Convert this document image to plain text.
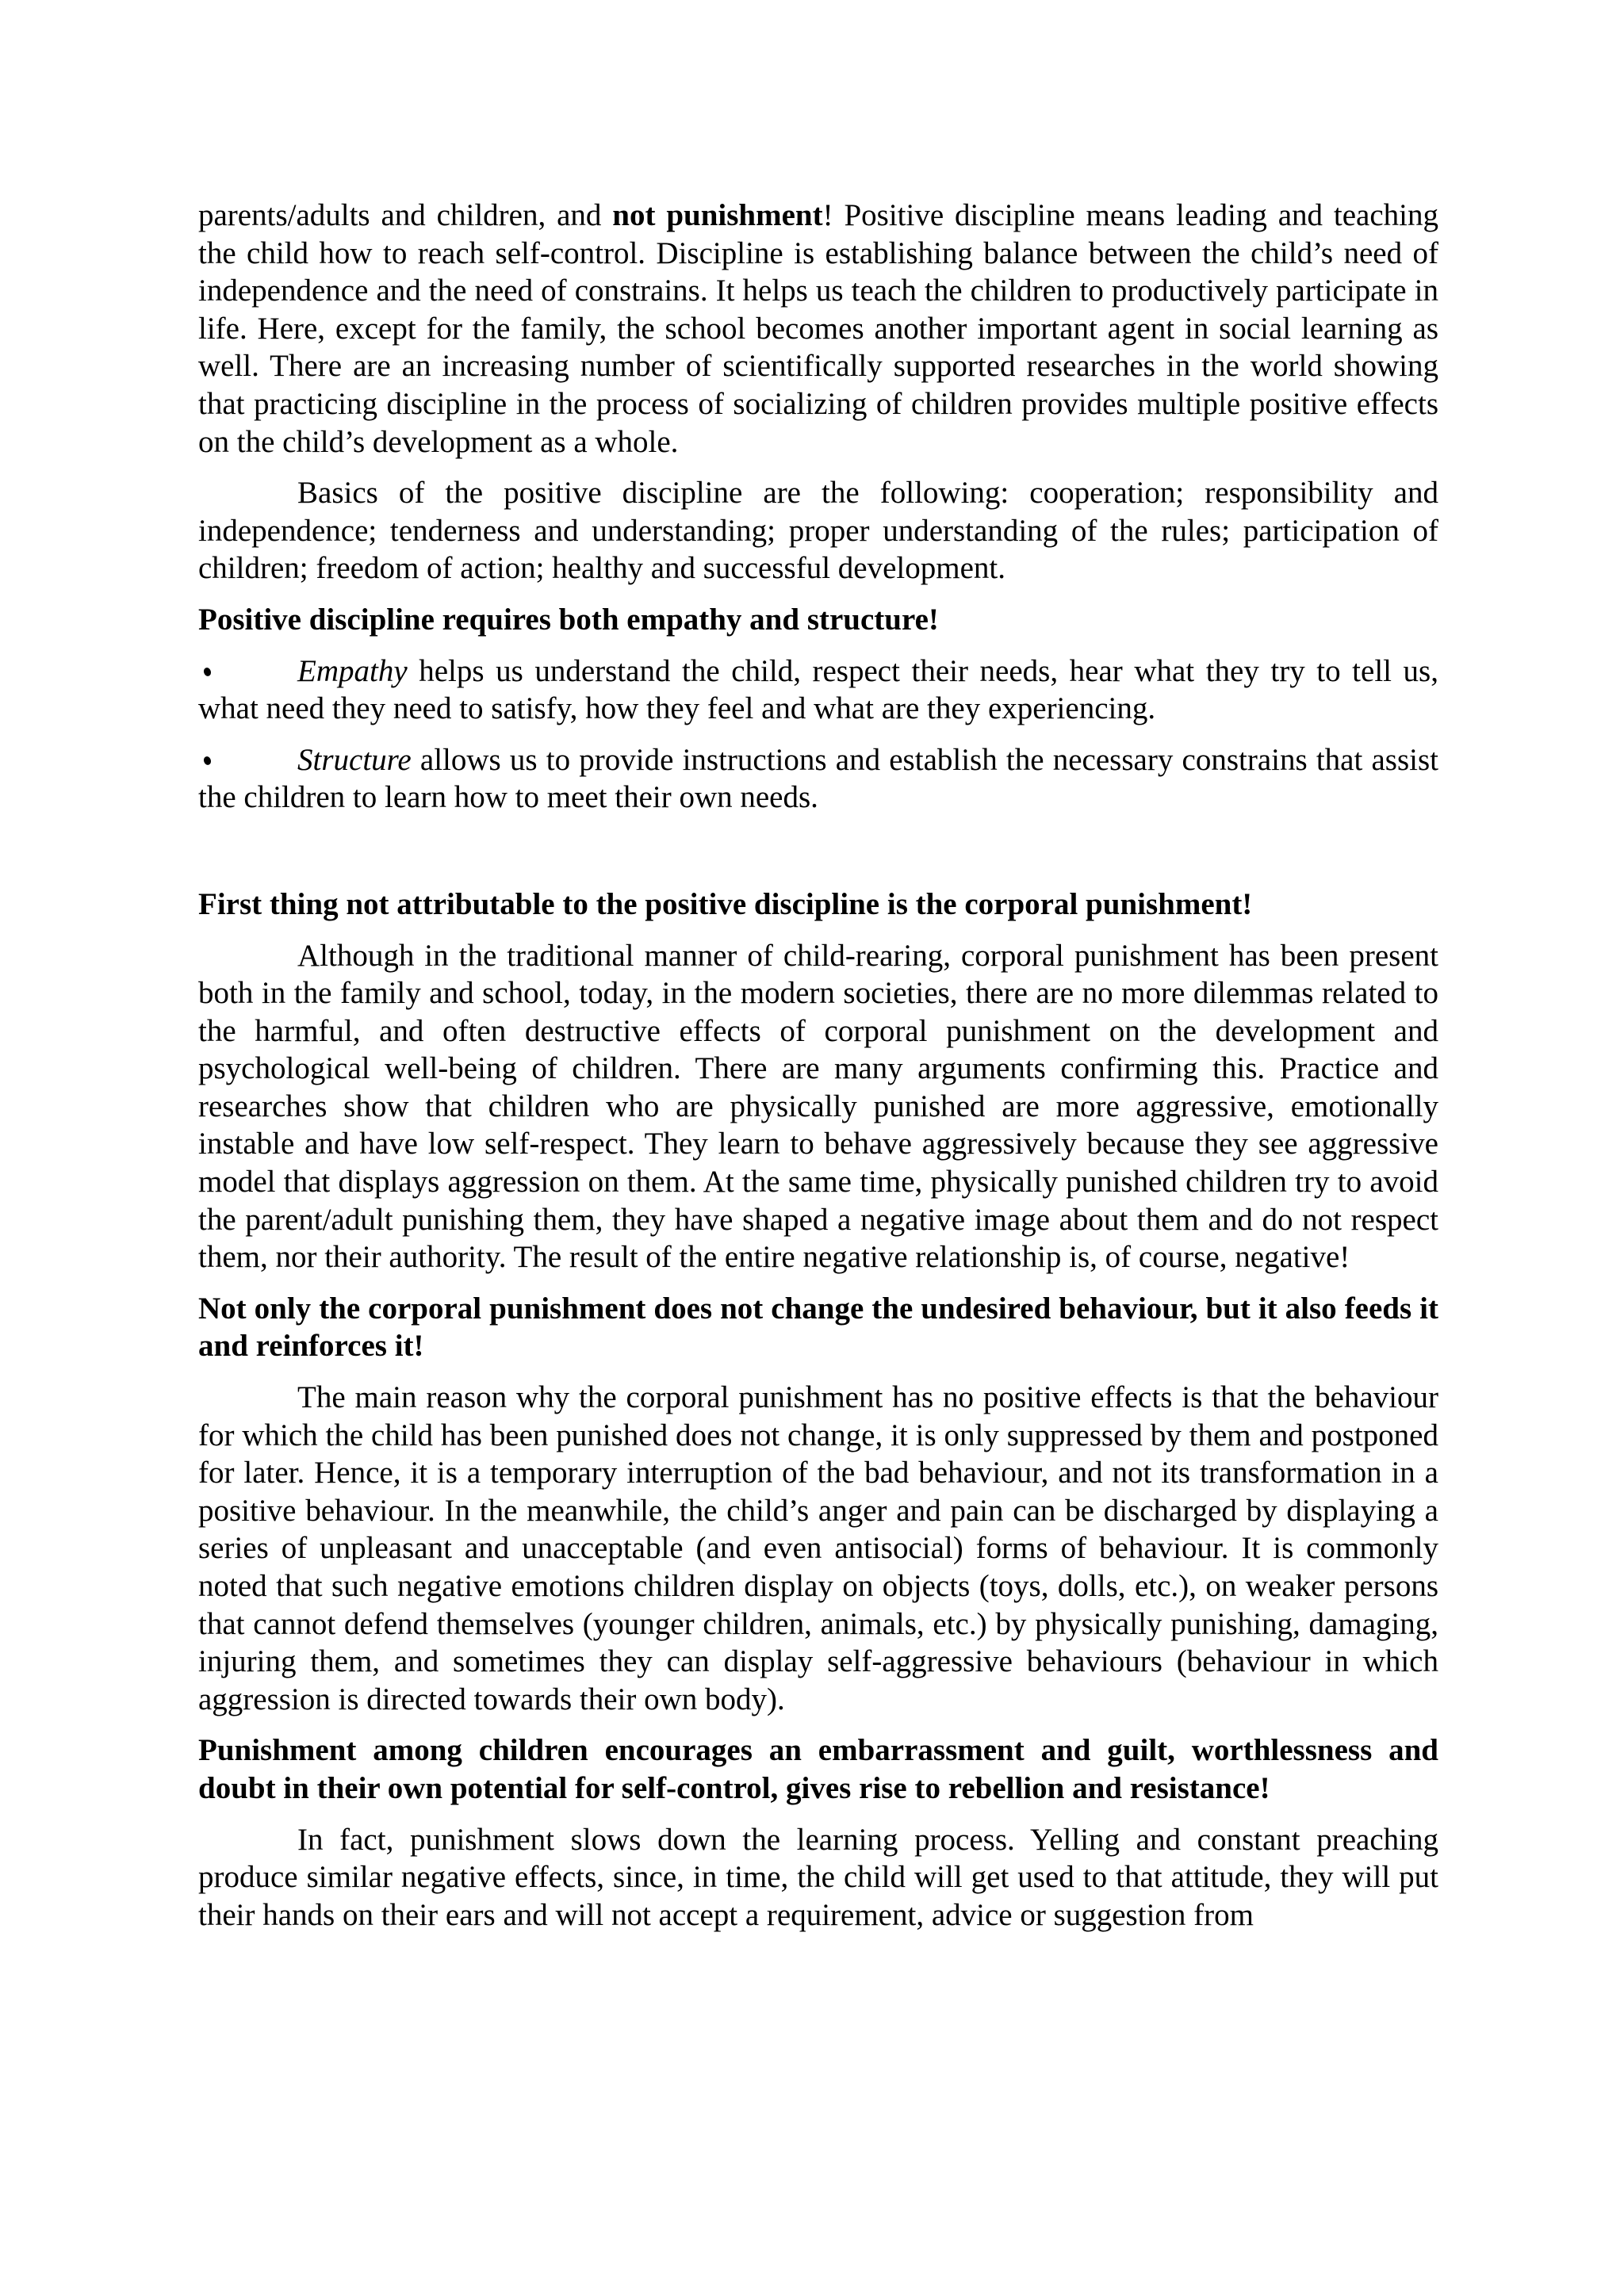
parents/adults and children, and not punishment! Positive discipline means leading and teaching the child how to reach self-control. Discipline is establishing balance between the child’s need of independence and the need of constrains. It helps us teach the children to productively participate in life. Here, except for the family, the school becomes another important agent in social learning as well. There are an increasing number of scientifically supported researches in the world showing that practicing discipline in the process of socializing of children provides multiple positive effects on the child’s development as a whole.

Basics of the positive discipline are the following: cooperation; responsibility and independence; tenderness and understanding; proper understanding of the rules; participation of children; freedom of action; healthy and successful development.

Positive discipline requires both empathy and structure!

Empathy helps us understand the child, respect their needs, hear what they try to tell us, what need they need to satisfy, how they feel and what are they experiencing.

Structure allows us to provide instructions and establish the necessary constrains that assist the children to learn how to meet their own needs.

First thing not attributable to the positive discipline is the corporal punishment!

Although in the traditional manner of child-rearing, corporal punishment has been present both in the family and school, today, in the modern societies, there are no more dilemmas related to the harmful, and often destructive effects of corporal punishment on the development and psychological well-being of children. There are many arguments confirming this. Practice and researches show that children who are physically punished are more aggressive, emotionally instable and have low self-respect. They learn to behave aggressively because they see aggressive model that displays aggression on them. At the same time, physically punished children try to avoid the parent/adult punishing them, they have shaped a negative image about them and do not respect them, nor their authority. The result of the entire negative relationship is, of course, negative!

Not only the corporal punishment does not change the undesired behaviour, but it also feeds it and reinforces it!

The main reason why the corporal punishment has no positive effects is that the behaviour for which the child has been punished does not change, it is only suppressed by them and postponed for later. Hence, it is a temporary interruption of the bad behaviour, and not its transformation in a positive behaviour. In the meanwhile, the child’s anger and pain can be discharged by displaying a series of unpleasant and unacceptable (and even antisocial) forms of behaviour. It is commonly noted that such negative emotions children display on objects (toys, dolls, etc.), on weaker persons that cannot defend themselves (younger children, animals, etc.) by physically punishing, damaging, injuring them, and sometimes they can display self-aggressive behaviours (behaviour in which aggression is directed towards their own body).

Punishment among children encourages an embarrassment and guilt, worthlessness and doubt in their own potential for self-control, gives rise to rebellion and resistance!

In fact, punishment slows down the learning process. Yelling and constant preaching produce similar negative effects, since, in time, the child will get used to that attitude, they will put their hands on their ears and will not accept a requirement, advice or suggestion from
